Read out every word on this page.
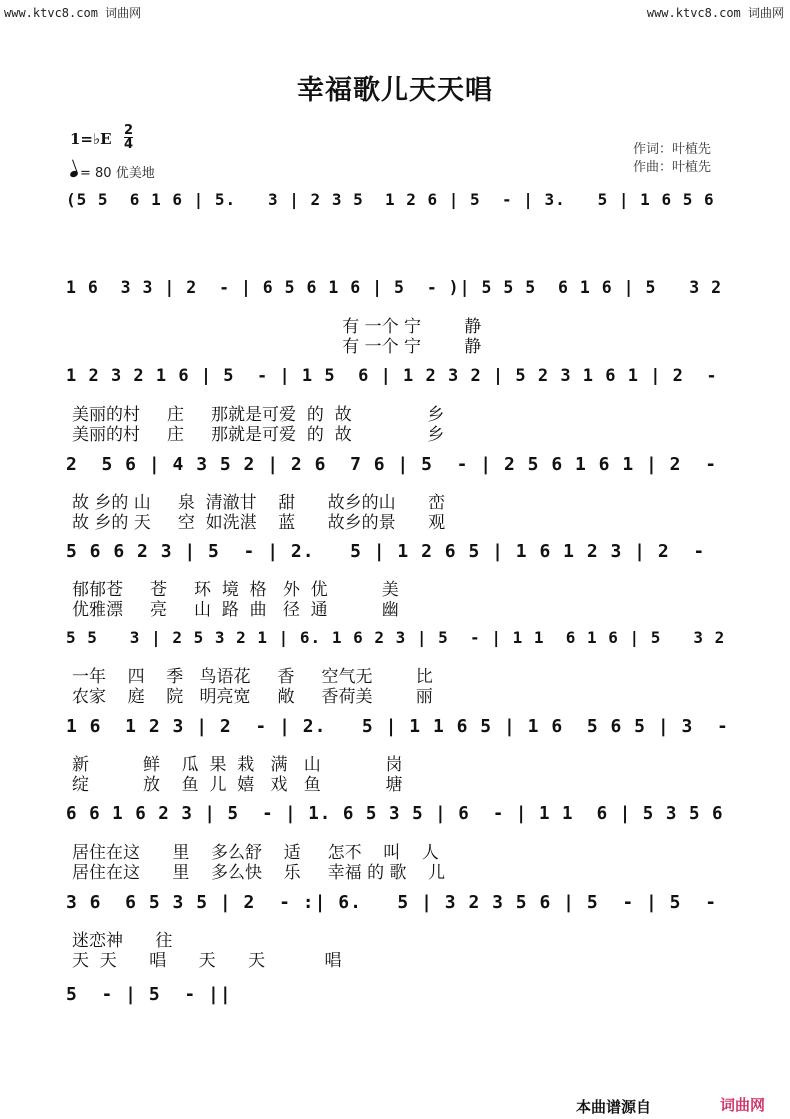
www.ktvc8.com 词曲网	www.ktvc8.com 词曲网
幸福歌儿天天唱
1=♭E 2
4
= 80 优美地
作词：叶植先
作曲：叶植先
(5 5  6 1 6 | 5.   3 | 2 3 5  1 2 6 | 5  - | 3.   5 | 1 6 5 6
1 6  3 3 | 2  - | 6 5 6 1 6 | 5  - )| 5 5 5  6 1 6 | 5   3 2
有 一个 宁        静
有 一个 宁        静
1 2 3 2 1 6 | 5  - | 1 5  6 | 1 2 3 2 | 5 2 3 1 6 1 | 2  -
美丽的村     庄     那就是可爱  的  故              乡
美丽的村     庄     那就是可爱  的  故              乡
2  5 6 | 4 3 5 2 | 2 6  7 6 | 5  - | 2 5 6 1 6 1 | 2  -
故 乡的 山     泉  清澈甘    甜      故乡的山      峦
故 乡的 天     空  如洗湛    蓝      故乡的景      观
5 6 6 2 3 | 5  - | 2.   5 | 1 2 6 5 | 1 6 1 2 3 | 2  -
郁郁苍     苍     环  境  格   外  优          美
优雅漂     亮     山  路  曲   径  通          幽
5 5   3 | 2 5 3 2 1 | 6. 1 6 2 3 | 5  - | 1 1  6 1 6 | 5   3 2
一年    四    季   鸟语花     香     空气无        比
农家    庭    院   明亮宽     敞     香荷美        丽
1 6  1 2 3 | 2  - | 2.   5 | 1 1 6 5 | 1 6  5 6 5 | 3  -
新          鲜    瓜  果  栽   满   山            岗
绽          放    鱼  儿  嬉   戏   鱼            塘
6 6 1 6 2 3 | 5  - | 1. 6 5 3 5 | 6  - | 1 1  6 | 5 3 5 6
居住在这      里    多么舒    适     怎不    叫    人
居住在这      里    多么快    乐     幸福 的 歌    儿
3 6  6 5 3 5 | 2  - :| 6.   5 | 3 2 3 5 6 | 5  - | 5  -
迷恋神      往
天  天      唱      天      天           唱
5  - | 5  - ||
本曲谱源自	词曲网
